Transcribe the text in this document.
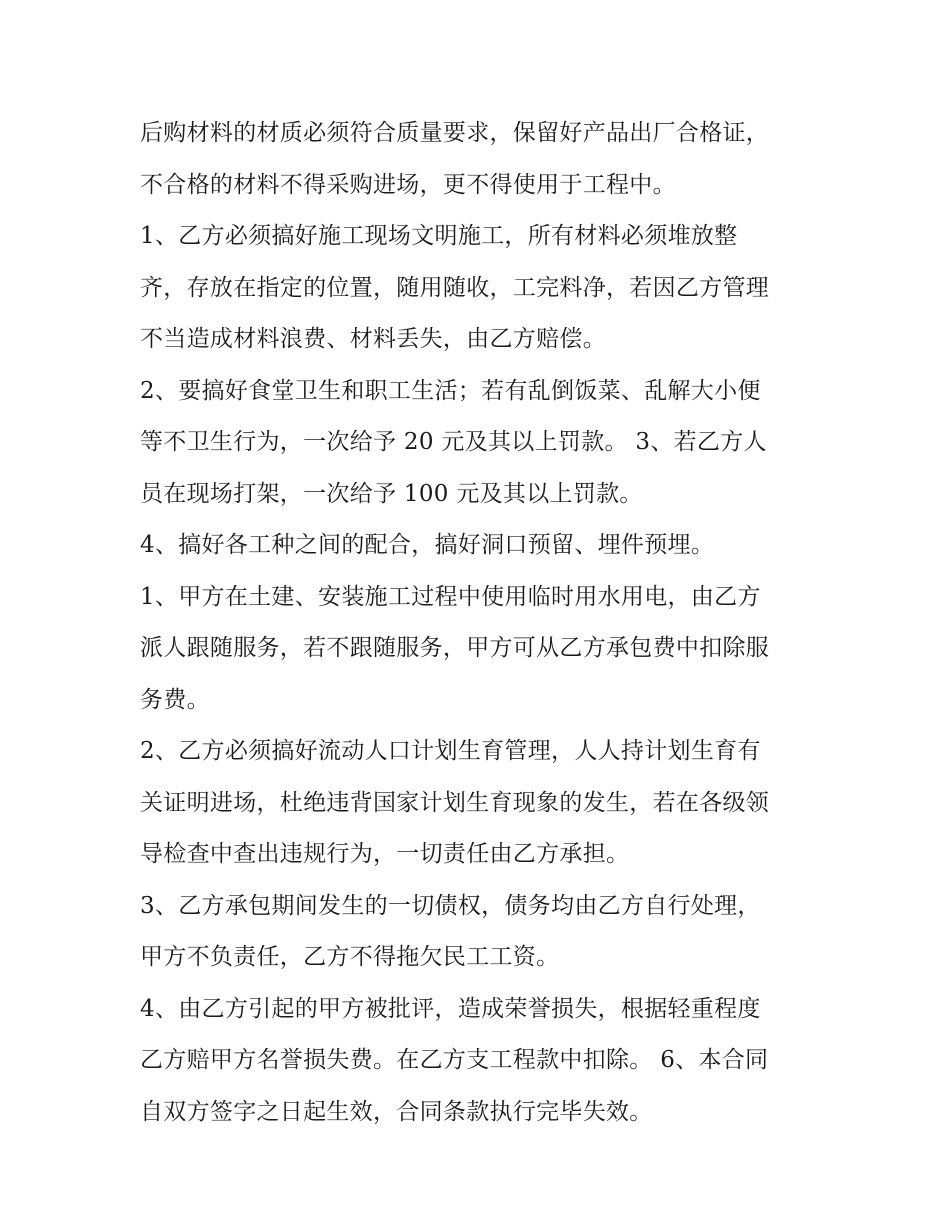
后购材料的材质必须符合质量要求，保留好产品出厂合格证，
不合格的材料不得采购进场，更不得使用于工程中。
1、乙方必须搞好施工现场文明施工，所有材料必须堆放整
齐，存放在指定的位置，随用随收，工完料净，若因乙方管理
不当造成材料浪费、材料丢失，由乙方赔偿。
2、要搞好食堂卫生和职工生活；若有乱倒饭菜、乱解大小便
等不卫生行为，一次给予 20 元及其以上罚款。 3、若乙方人
员在现场打架，一次给予 100 元及其以上罚款。
4、搞好各工种之间的配合，搞好洞口预留、埋件预埋。
1、甲方在土建、安装施工过程中使用临时用水用电，由乙方
派人跟随服务，若不跟随服务，甲方可从乙方承包费中扣除服
务费。
2、乙方必须搞好流动人口计划生育管理，人人持计划生育有
关证明进场，杜绝违背国家计划生育现象的发生，若在各级领
导检查中查出违规行为，一切责任由乙方承担。
3、乙方承包期间发生的一切债权，债务均由乙方自行处理，
甲方不负责任，乙方不得拖欠民工工资。
4、由乙方引起的甲方被批评，造成荣誉损失，根据轻重程度
乙方赔甲方名誉损失费。在乙方支工程款中扣除。 6、本合同
自双方签字之日起生效，合同条款执行完毕失效。
